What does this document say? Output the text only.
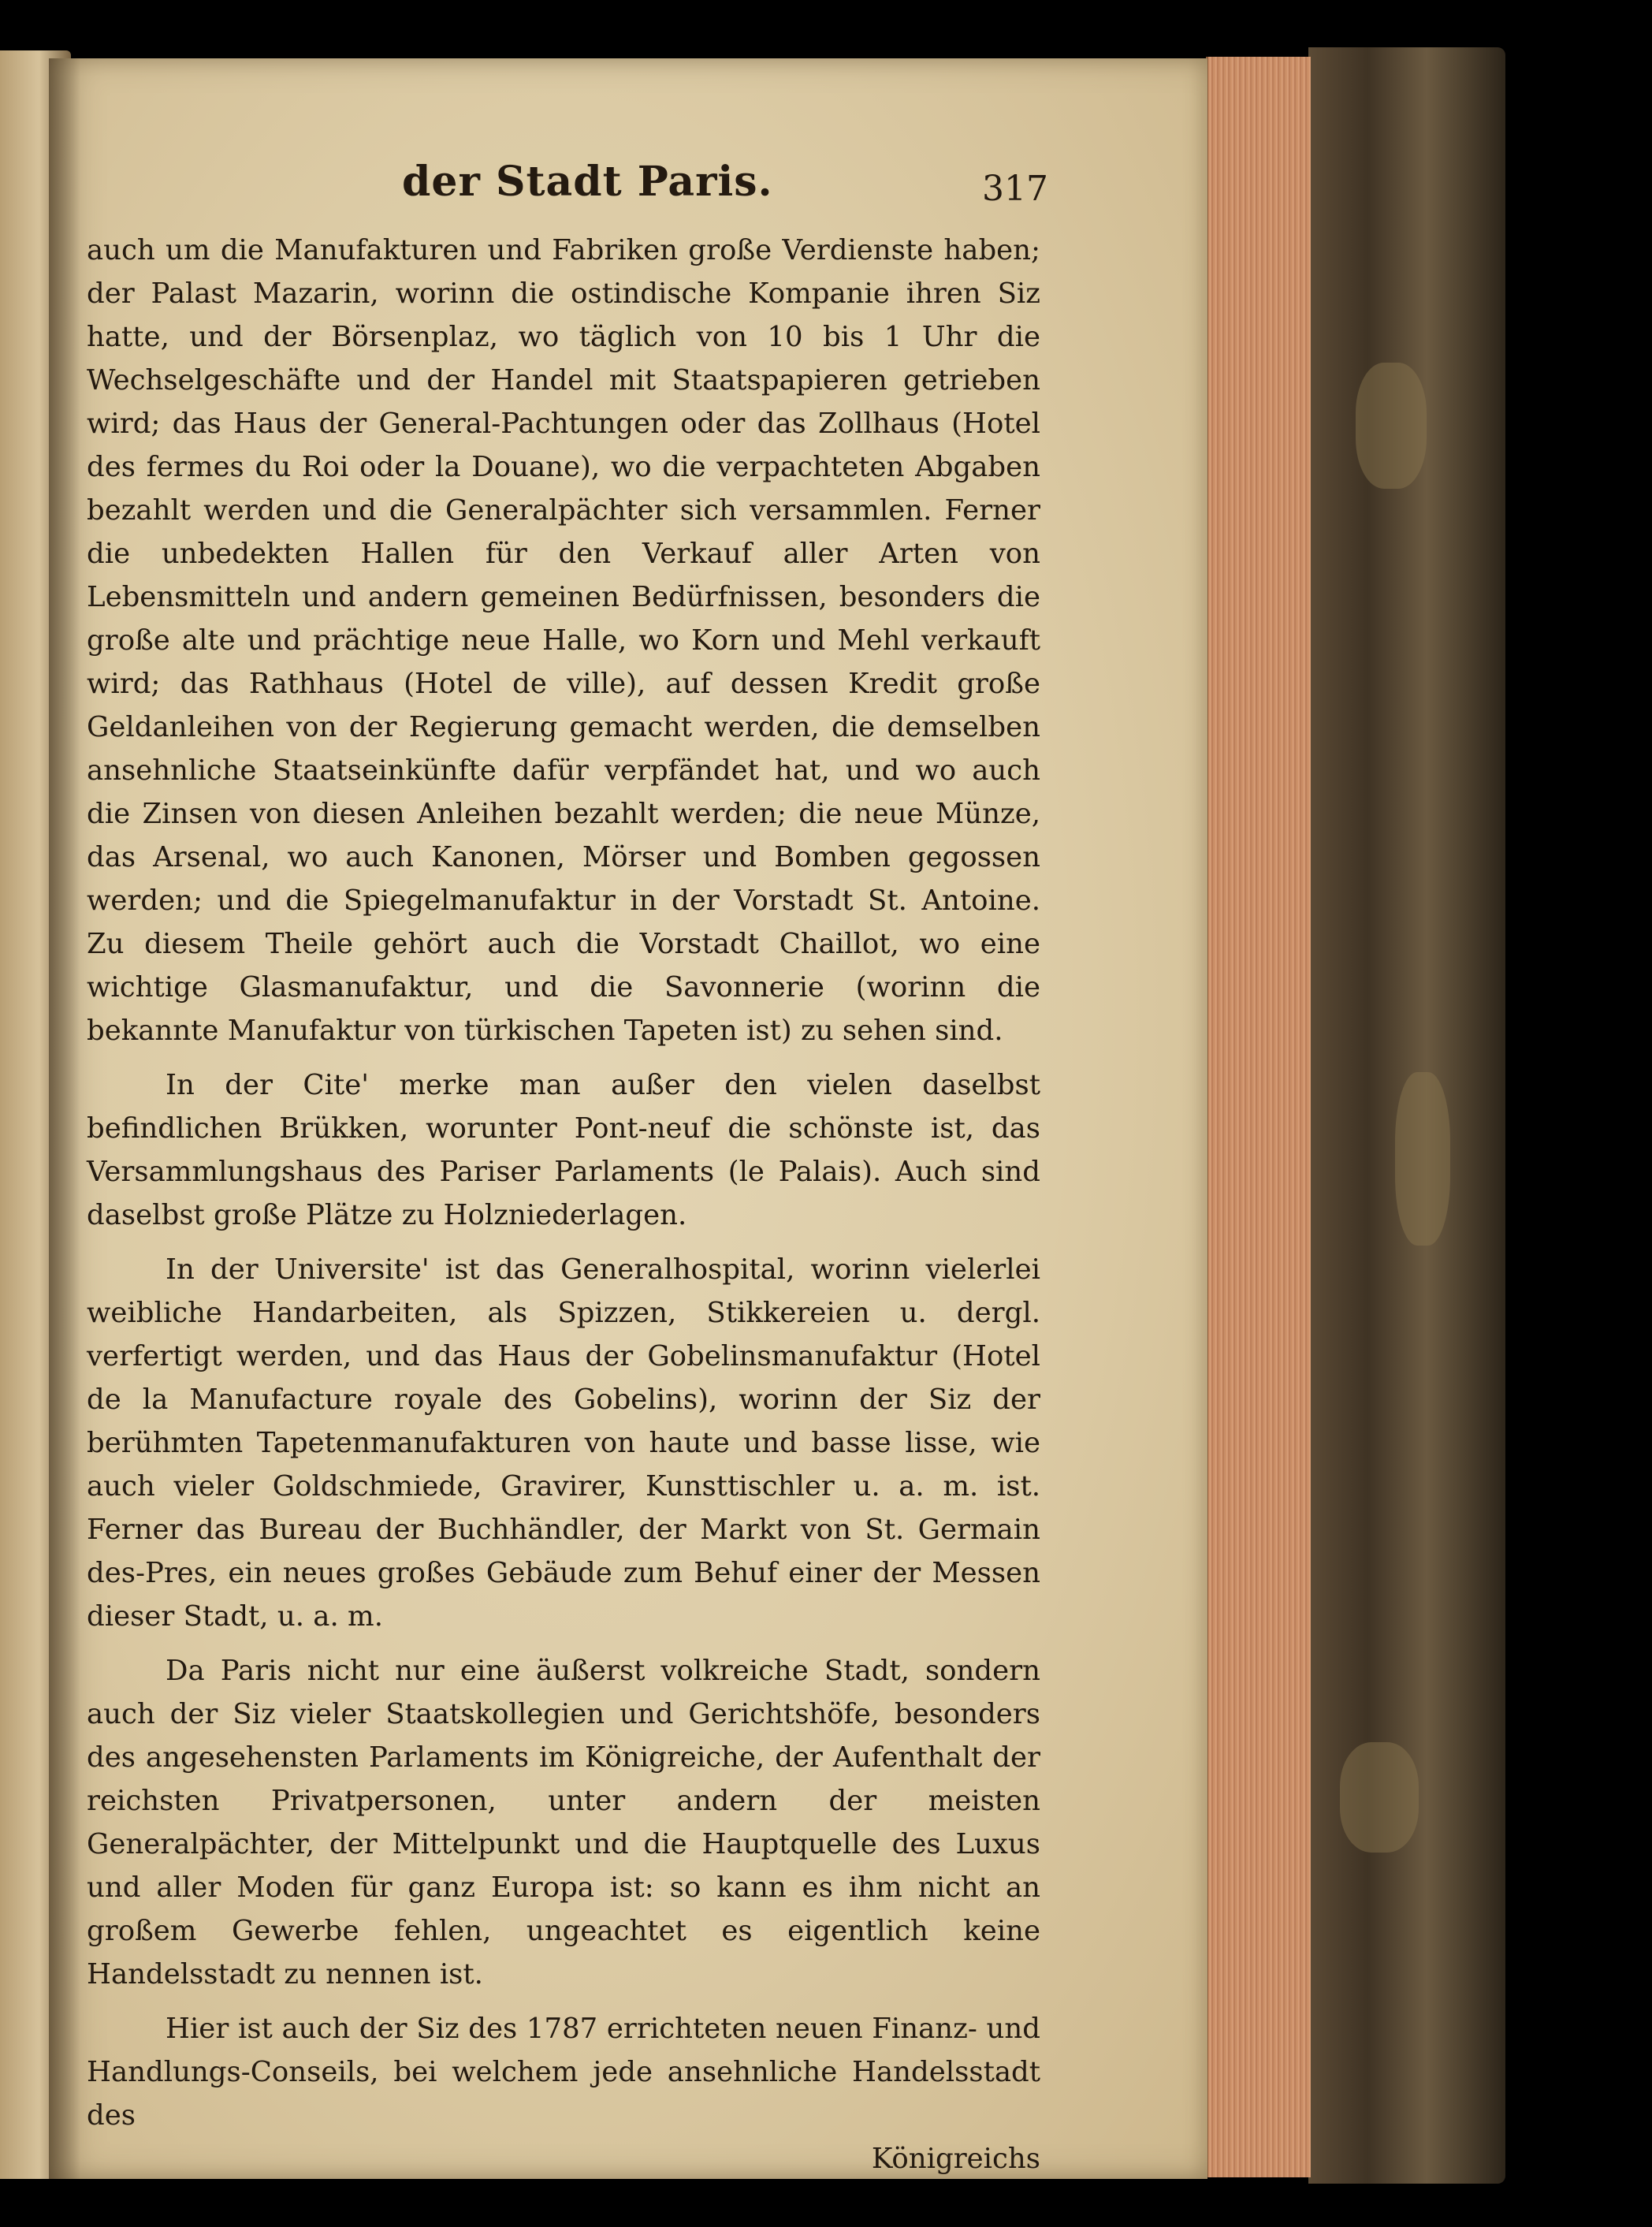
der Stadt Paris.	317

auch um die Manufakturen und Fabriken große Verdienste haben; der Palast Mazarin, worinn die ostindische Kompanie ihren Siz hatte, und der Börsenplaz, wo täglich von 10 bis 1 Uhr die Wechselgeschäfte und der Handel mit Staatspapieren getrieben wird; das Haus der General-Pachtungen oder das Zollhaus (Hotel des fermes du Roi oder la Douane), wo die verpachteten Abgaben bezahlt werden und die Generalpächter sich versammlen. Ferner die unbedekten Hallen für den Verkauf aller Arten von Lebensmitteln und andern gemeinen Bedürfnissen, besonders die große alte und prächtige neue Halle, wo Korn und Mehl verkauft wird; das Rathhaus (Hotel de ville), auf dessen Kredit große Geldanleihen von der Regierung gemacht werden, die demselben ansehnliche Staatseinkünfte dafür verpfändet hat, und wo auch die Zinsen von diesen Anleihen bezahlt werden; die neue Münze, das Arsenal, wo auch Kanonen, Mörser und Bomben gegossen werden; und die Spiegelmanufaktur in der Vorstadt St. Antoine. Zu diesem Theile gehört auch die Vorstadt Chaillot, wo eine wichtige Glasmanufaktur, und die Savonnerie (worinn die bekannte Manufaktur von türkischen Tapeten ist) zu sehen sind.

In der Cite' merke man außer den vielen daselbst befindlichen Brükken, worunter Pont-neuf die schönste ist, das Versammlungshaus des Pariser Parlaments (le Palais). Auch sind daselbst große Plätze zu Holzniederlagen.

In der Universite' ist das Generalhospital, worinn vielerlei weibliche Handarbeiten, als Spizzen, Stikkereien u. dergl. verfertigt werden, und das Haus der Gobelinsmanufaktur (Hotel de la Manufacture royale des Gobelins), worinn der Siz der berühmten Tapetenmanufakturen von haute und basse lisse, wie auch vieler Goldschmiede, Gravirer, Kunsttischler u. a. m. ist. Ferner das Bureau der Buchhändler, der Markt von St. Germain des-Pres, ein neues großes Gebäude zum Behuf einer der Messen dieser Stadt, u. a. m.

Da Paris nicht nur eine äußerst volkreiche Stadt, sondern auch der Siz vieler Staatskollegien und Gerichtshöfe, besonders des angesehensten Parlaments im Königreiche, der Aufenthalt der reichsten Privatpersonen, unter andern der meisten Generalpächter, der Mittelpunkt und die Hauptquelle des Luxus und aller Moden für ganz Europa ist: so kann es ihm nicht an großem Gewerbe fehlen, ungeachtet es eigentlich keine Handelsstadt zu nennen ist.

Hier ist auch der Siz des 1787 errichteten neuen Finanz- und Handlungs-Conseils, bei welchem jede ansehnliche Handelsstadt des

Königreichs
